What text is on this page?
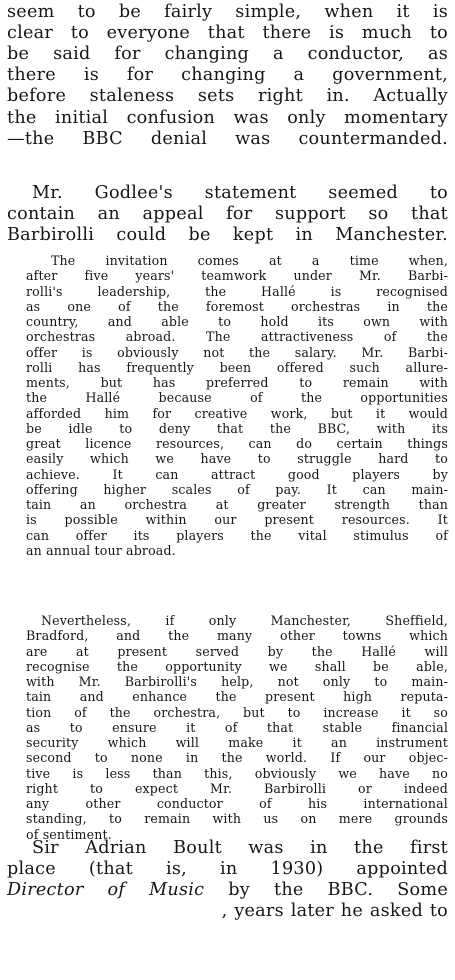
seem to be fairly simple, when it is
clear to everyone that there is much to
be said for changing a conductor, as
there is for changing a government,
before staleness sets right in. Actually
the initial confusion was only momentary
—the BBC denial was countermanded.
Mr. Godlee's statement seemed to
contain an appeal for support so that
Barbirolli could be kept in Manchester.
The invitation comes at a time when,
after five years' teamwork under Mr. Barbi-
rolli's leadership, the Hallé is recognised
as one of the foremost orchestras in the
country, and able to hold its own with
orchestras abroad. The attractiveness of the
offer is obviously not the salary. Mr. Barbi-
rolli has frequently been offered such allure-
ments, but has preferred to remain with
the Hallé because of the opportunities
afforded him for creative work, but it would
be idle to deny that the BBC, with its
great licence resources, can do certain things
easily which we have to struggle hard to
achieve. It can attract good players by
offering higher scales of pay. It can main-
tain an orchestra at greater strength than
is possible within our present resources. It
can offer its players the vital stimulus of
an annual tour abroad.
Nevertheless, if only Manchester, Sheffield,
Bradford, and the many other towns which
are at present served by the Hallé will
recognise the opportunity we shall be able,
with Mr. Barbirolli's help, not only to main-
tain and enhance the present high reputa-
tion of the orchestra, but to increase it so
as to ensure it of that stable financial
security which will make it an instrument
second to none in the world. If our objec-
tive is less than this, obviously we have no
right to expect Mr. Barbirolli or indeed
any other conductor of his international
standing, to remain with us on mere grounds
of sentiment.
Sir Adrian Boult was in the first
place (that is, in 1930) appointed
Director of Music by the BBC. Some
, years later he asked to
